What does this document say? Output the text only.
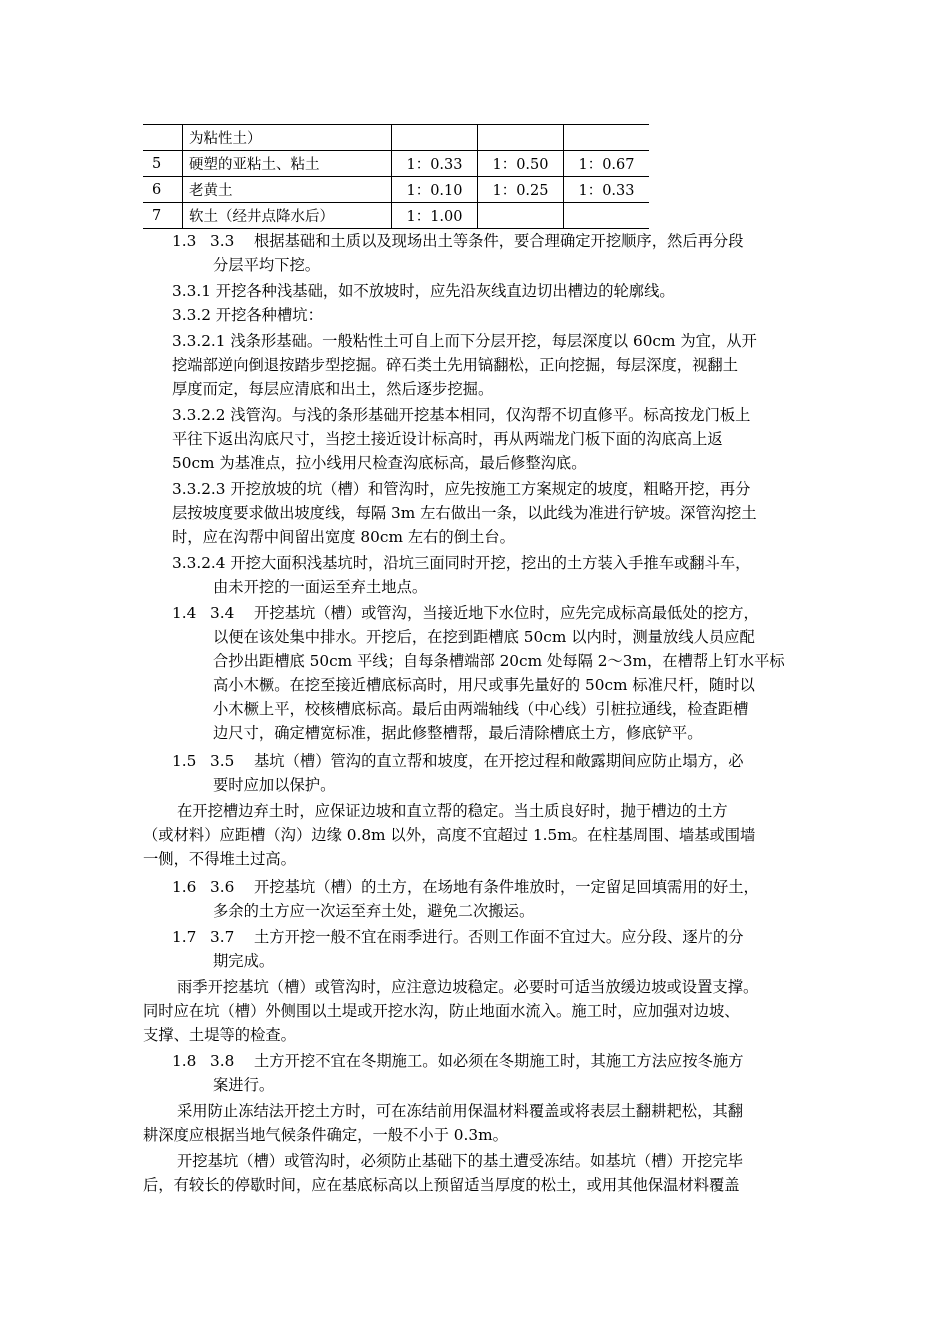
	为粘性土）			
5	硬塑的亚粘土、粘土	1：0.33	1：0.50	1：0.67
6	老黄土	1：0.10	1：0.25	1：0.33
7	软土（经井点降水后）	1：1.00		
1.3 3.3 根据基础和土质以及现场出土等条件，要合理确定开挖顺序，然后再分段
分层平均下挖。
3.3.1 开挖各种浅基础，如不放坡时，应先沿灰线直边切出槽边的轮廓线。
3.3.2 开挖各种槽坑：
3.3.2.1 浅条形基础。一般粘性土可自上而下分层开挖，每层深度以 60cm 为宜，从开
挖端部逆向倒退按踏步型挖掘。碎石类土先用镐翻松，正向挖掘，每层深度，视翻土
厚度而定，每层应清底和出土，然后逐步挖掘。
3.3.2.2 浅管沟。与浅的条形基础开挖基本相同，仅沟帮不切直修平。标高按龙门板上
平往下返出沟底尺寸，当挖土接近设计标高时，再从两端龙门板下面的沟底高上返
50cm 为基准点，拉小线用尺检查沟底标高，最后修整沟底。
3.3.2.3 开挖放坡的坑（槽）和管沟时，应先按施工方案规定的坡度，粗略开挖，再分
层按坡度要求做出坡度线，每隔 3m 左右做出一条，以此线为准进行铲坡。深管沟挖土
时，应在沟帮中间留出宽度 80cm 左右的倒土台。
3.3.2.4 开挖大面积浅基坑时，沿坑三面同时开挖，挖出的土方装入手推车或翻斗车，
由未开挖的一面运至弃土地点。
1.4 3.4 开挖基坑（槽）或管沟，当接近地下水位时，应先完成标高最低处的挖方，
以便在该处集中排水。开挖后，在挖到距槽底 50cm 以内时，测量放线人员应配
合抄出距槽底 50cm 平线；自每条槽端部 20cm 处每隔 2～3m，在槽帮上钉水平标
高小木橛。在挖至接近槽底标高时，用尺或事先量好的 50cm 标准尺杆，随时以
小木橛上平，校核槽底标高。最后由两端轴线（中心线）引桩拉通线，检查距槽
边尺寸，确定槽宽标准，据此修整槽帮，最后清除槽底土方，修底铲平。
1.5 3.5 基坑（槽）管沟的直立帮和坡度，在开挖过程和敞露期间应防止塌方，必
要时应加以保护。
在开挖槽边弃土时，应保证边坡和直立帮的稳定。当土质良好时，抛于槽边的土方
（或材料）应距槽（沟）边缘 0.8m 以外，高度不宜超过 1.5m。在柱基周围、墙基或围墙
一侧，不得堆土过高。
1.6 3.6 开挖基坑（槽）的土方，在场地有条件堆放时，一定留足回填需用的好土，
多余的土方应一次运至弃土处，避免二次搬运。
1.7 3.7 土方开挖一般不宜在雨季进行。否则工作面不宜过大。应分段、逐片的分
期完成。
雨季开挖基坑（槽）或管沟时，应注意边坡稳定。必要时可适当放缓边坡或设置支撑。
同时应在坑（槽）外侧围以土堤或开挖水沟，防止地面水流入。施工时，应加强对边坡、
支撑、土堤等的检查。
1.8 3.8 土方开挖不宜在冬期施工。如必须在冬期施工时，其施工方法应按冬施方
案进行。
采用防止冻结法开挖土方时，可在冻结前用保温材料覆盖或将表层土翻耕耙松，其翻
耕深度应根据当地气候条件确定，一般不小于 0.3m。
开挖基坑（槽）或管沟时，必须防止基础下的基土遭受冻结。如基坑（槽）开挖完毕
后，有较长的停歇时间，应在基底标高以上预留适当厚度的松土，或用其他保温材料覆盖
